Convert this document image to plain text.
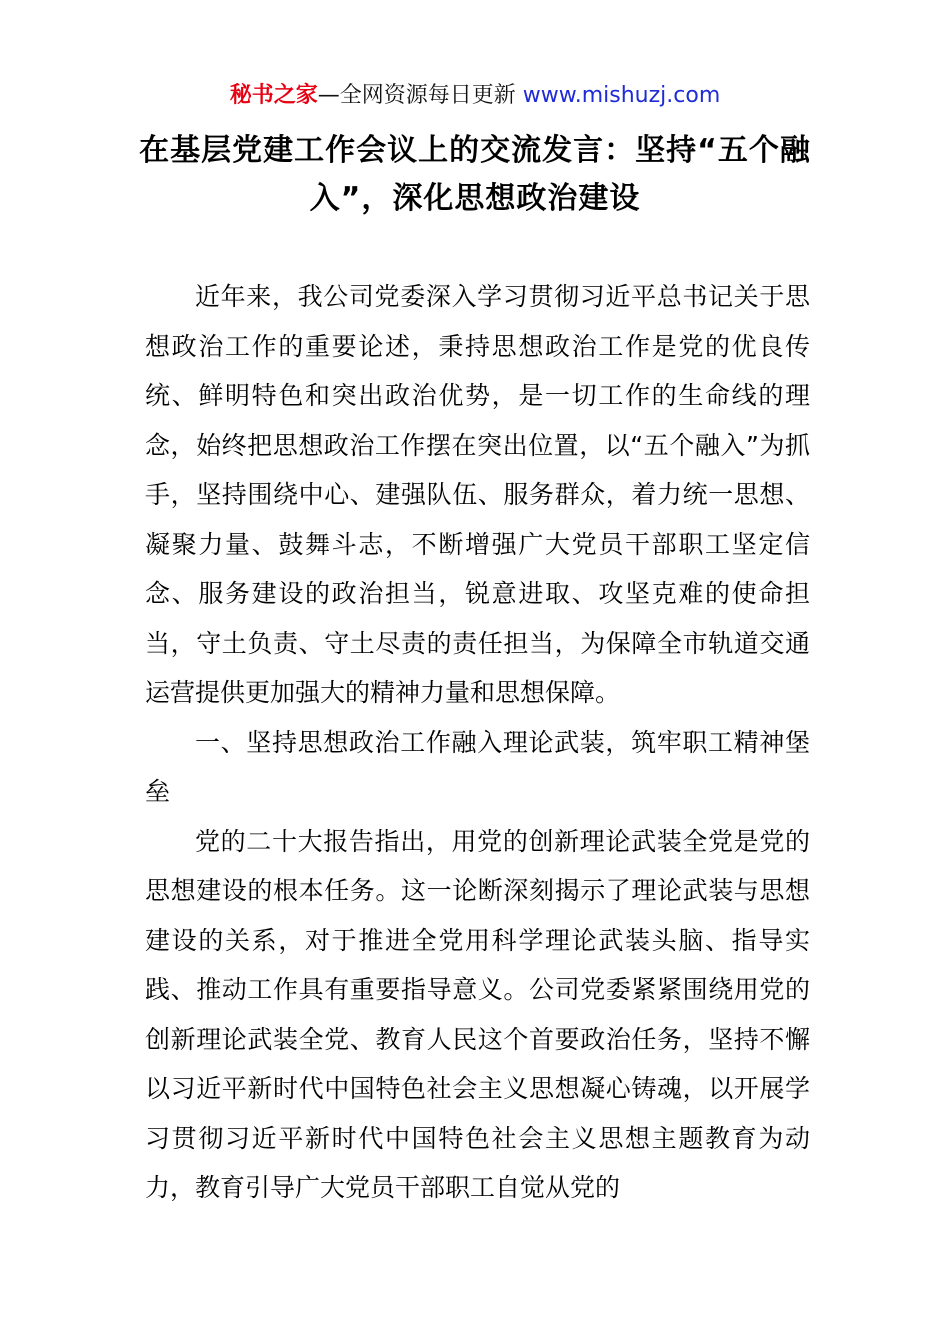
秘书之家—全网资源每日更新 www.mishuzj.com
在基层党建工作会议上的交流发言：坚持“五个融入”，深化思想政治建设

近年来，我公司党委深入学习贯彻习近平总书记关于思想政治工作的重要论述，秉持思想政治工作是党的优良传统、鲜明特色和突出政治优势，是一切工作的生命线的理念，始终把思想政治工作摆在突出位置，以“五个融入”为抓手，坚持围绕中心、建强队伍、服务群众，着力统一思想、凝聚力量、鼓舞斗志，不断增强广大党员干部职工坚定信念、服务建设的政治担当，锐意进取、攻坚克难的使命担当，守土负责、守土尽责的责任担当，为保障全市轨道交通运营提供更加强大的精神力量和思想保障。

一、坚持思想政治工作融入理论武装，筑牢职工精神堡垒

党的二十大报告指出，用党的创新理论武装全党是党的思想建设的根本任务。这一论断深刻揭示了理论武装与思想建设的关系，对于推进全党用科学理论武装头脑、指导实践、推动工作具有重要指导意义。公司党委紧紧围绕用党的创新理论武装全党、教育人民这个首要政治任务，坚持不懈以习近平新时代中国特色社会主义思想凝心铸魂，以开展学习贯彻习近平新时代中国特色社会主义思想主题教育为动力，教育引导广大党员干部职工自觉从党的
